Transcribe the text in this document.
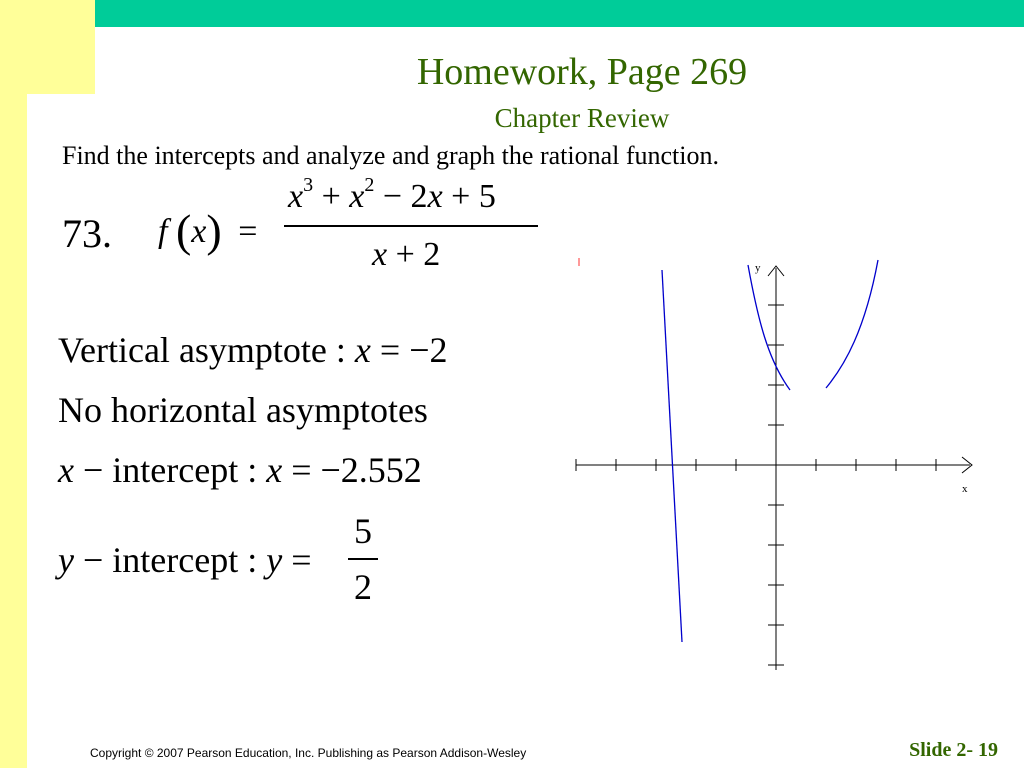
Homework, Page 269
Chapter Review
Find the intercepts and analyze and graph the rational function.
73. f (x) =
$x^3 + x^2 - 2x + 5$
x + 2
Vertical asymptote : x = −2
No horizontal asymptotes
x − intercept : x = −2.552
y − intercept : y =
5
2
x
y
Copyright © 2007 Pearson Education, Inc. Publishing as Pearson Addison-Wesley	Slide 2- 19
